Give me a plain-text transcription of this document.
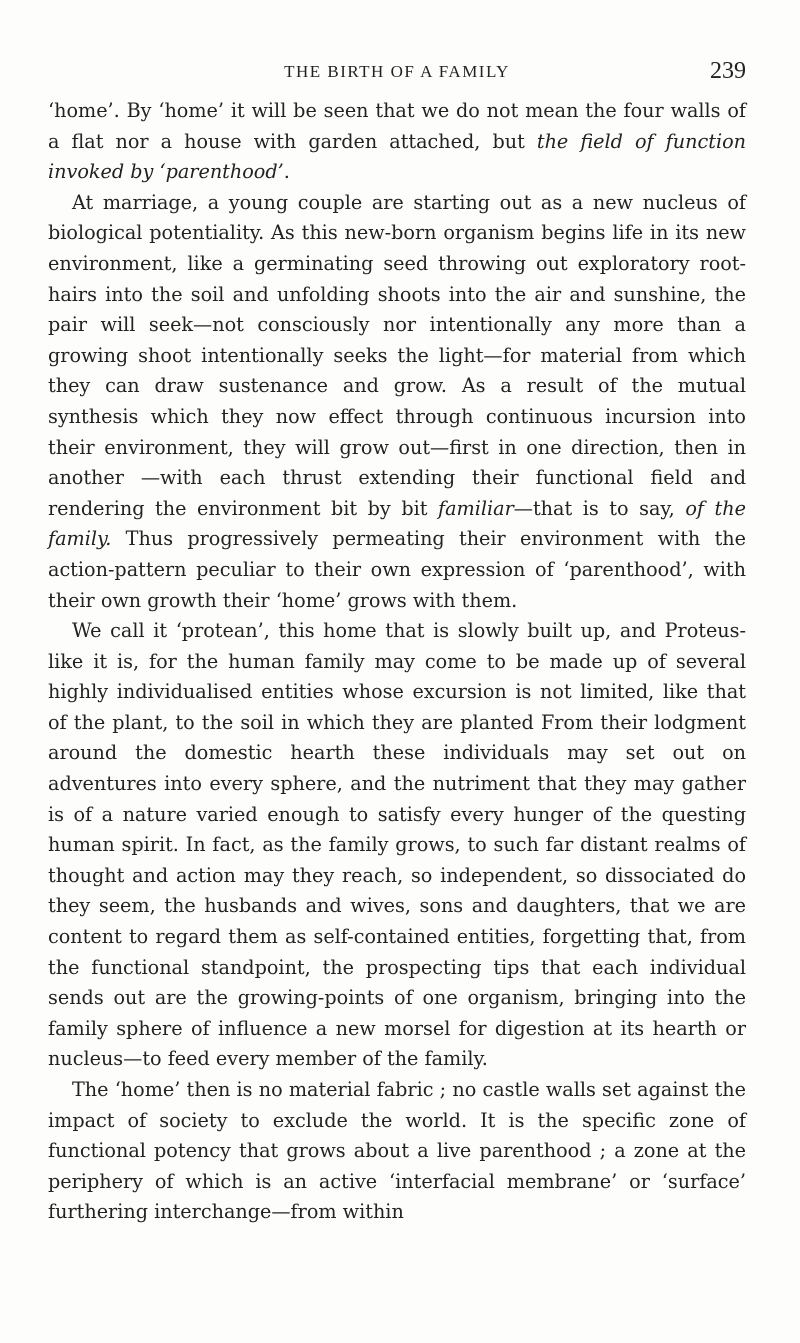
THE BIRTH OF A FAMILY	239

‘home’. By ‘home’ it will be seen that we do not mean the four walls of a flat nor a house with garden attached, but the field of function invoked by ‘parenthood’.

At marriage, a young couple are starting out as a new nucleus of biological potentiality. As this new-born organism begins life in its new environment, like a germinating seed throwing out exploratory root-hairs into the soil and unfolding shoots into the air and sunshine, the pair will seek—not consciously nor intentionally any more than a growing shoot intentionally seeks the light—for material from which they can draw sustenance and grow. As a result of the mutual synthesis which they now effect through continuous incursion into their environment, they will grow out—first in one direction, then in another —with each thrust extending their functional field and rendering the environment bit by bit familiar—that is to say, of the family. Thus progressively permeating their environment with the action-pattern peculiar to their own expression of ‘parenthood’, with their own growth their ‘home’ grows with them.

We call it ‘protean’, this home that is slowly built up, and Proteus-like it is, for the human family may come to be made up of several highly individualised entities whose excursion is not limited, like that of the plant, to the soil in which they are planted From their lodgment around the domestic hearth these individuals may set out on adventures into every sphere, and the nutriment that they may gather is of a nature varied enough to satisfy every hunger of the questing human spirit. In fact, as the family grows, to such far distant realms of thought and action may they reach, so independent, so dissociated do they seem, the husbands and wives, sons and daughters, that we are content to regard them as self-contained entities, forgetting that, from the functional standpoint, the prospecting tips that each individual sends out are the growing-points of one organism, bringing into the family sphere of influence a new morsel for digestion at its hearth or nucleus—to feed every member of the family.

The ‘home’ then is no material fabric ; no castle walls set against the impact of society to exclude the world. It is the specific zone of functional potency that grows about a live parenthood ; a zone at the periphery of which is an active ‘interfacial membrane’ or ‘surface’ furthering interchange—from within
